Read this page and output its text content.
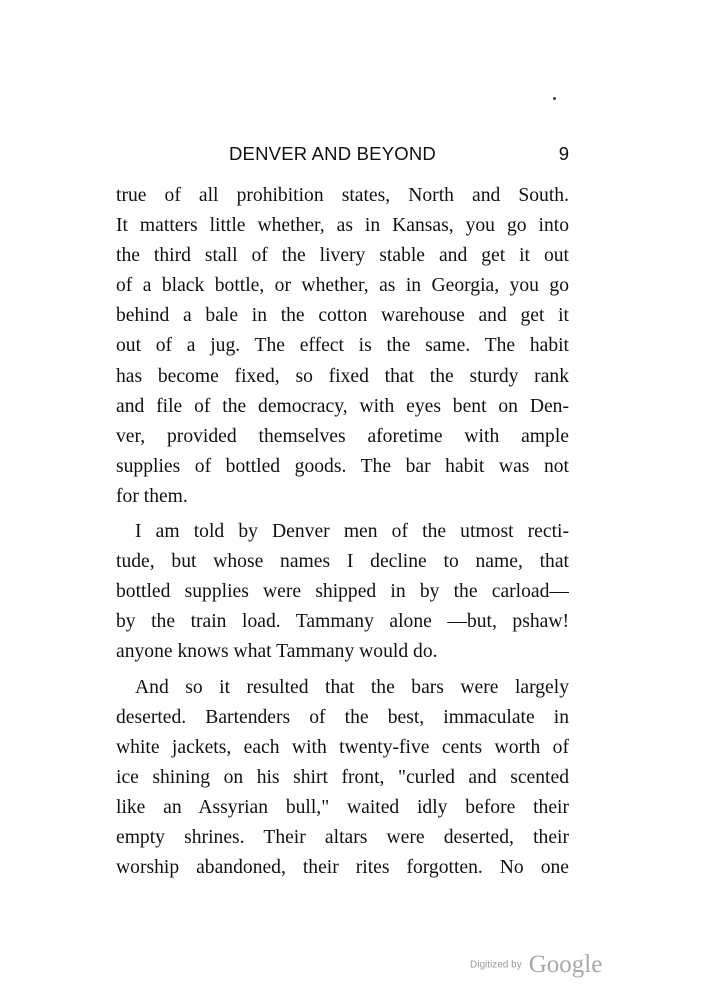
DENVER AND BEYOND	9
true of all prohibition states, North and South.
It matters little whether, as in Kansas, you go into
the third stall of the livery stable and get it out
of a black bottle, or whether, as in Georgia, you go
behind a bale in the cotton warehouse and get it
out of a jug. The effect is the same. The habit
has become fixed, so fixed that the sturdy rank
and file of the democracy, with eyes bent on Den-
ver, provided themselves aforetime with ample
supplies of bottled goods. The bar habit was not
for them.
I am told by Denver men of the utmost recti-
tude, but whose names I decline to name, that
bottled supplies were shipped in by the carload—
by the train load. Tammany alone —but, pshaw!
anyone knows what Tammany would do.
And so it resulted that the bars were largely
deserted. Bartenders of the best, immaculate in
white jackets, each with twenty-five cents worth of
ice shining on his shirt front, "curled and scented
like an Assyrian bull," waited idly before their
empty shrines. Their altars were deserted, their
worship abandoned, their rites forgotten. No one
Digitized by Google
